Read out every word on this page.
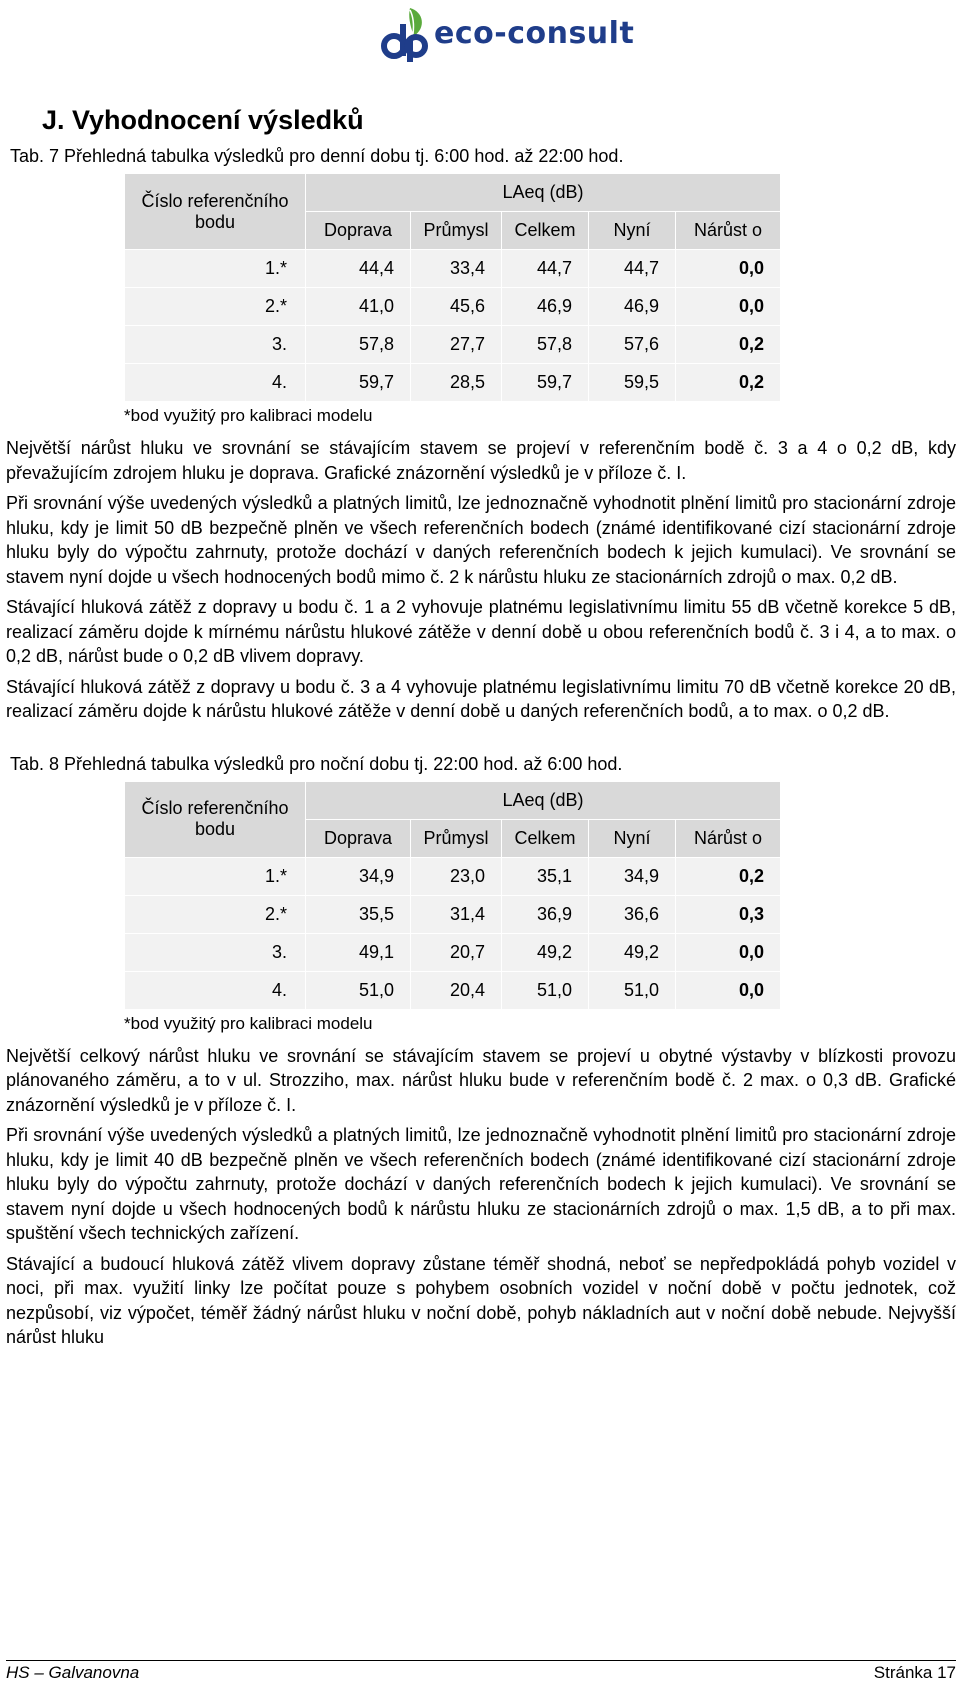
eco-consult
J. Vyhodnocení výsledků
Tab. 7 Přehledná tabulka výsledků pro denní dobu tj. 6:00 hod. až 22:00 hod.
Číslo referenčního bodu	LAeq (dB)				
	Doprava	Průmysl	Celkem	Nyní	Nárůst o
1.*	44,4	33,4	44,7	44,7	0,0
2.*	41,0	45,6	46,9	46,9	0,0
3.	57,8	27,7	57,8	57,6	0,2
4.	59,7	28,5	59,7	59,5	0,2
*bod využitý pro kalibraci modelu

Největší nárůst hluku ve srovnání se stávajícím stavem se projeví v referenčním bodě č. 3 a 4 o 0,2 dB, kdy převažujícím zdrojem hluku je doprava. Grafické znázornění výsledků je v příloze č. I.

Při srovnání výše uvedených výsledků a platných limitů, lze jednoznačně vyhodnotit plnění limitů pro stacionární zdroje hluku, kdy je limit 50 dB bezpečně plněn ve všech referenčních bodech (známé identifikované cizí stacionární zdroje hluku byly do výpočtu zahrnuty, protože dochází v daných referenčních bodech k jejich kumulaci). Ve srovnání se stavem nyní dojde u všech hodnocených bodů mimo č. 2 k nárůstu hluku ze stacionárních zdrojů o max. 0,2 dB.

Stávající hluková zátěž z dopravy u bodu č. 1 a 2 vyhovuje platnému legislativnímu limitu 55 dB včetně korekce 5 dB, realizací záměru dojde k mírnému nárůstu hlukové zátěže v denní době u obou referenčních bodů č. 3 i 4, a to max. o 0,2 dB, nárůst bude o 0,2 dB vlivem dopravy.

Stávající hluková zátěž z dopravy u bodu č. 3 a 4 vyhovuje platnému legislativnímu limitu 70 dB včetně korekce 20 dB, realizací záměru dojde k nárůstu hlukové zátěže v denní době u daných referenčních bodů, a to max. o 0,2 dB.

Tab. 8 Přehledná tabulka výsledků pro noční dobu tj. 22:00 hod. až 6:00 hod.
Číslo referenčního bodu	LAeq (dB)				
	Doprava	Průmysl	Celkem	Nyní	Nárůst o
1.*	34,9	23,0	35,1	34,9	0,2
2.*	35,5	31,4	36,9	36,6	0,3
3.	49,1	20,7	49,2	49,2	0,0
4.	51,0	20,4	51,0	51,0	0,0
*bod využitý pro kalibraci modelu

Největší celkový nárůst hluku ve srovnání se stávajícím stavem se projeví u obytné výstavby v blízkosti provozu plánovaného záměru, a to v ul. Strozziho, max. nárůst hluku bude v referenčním bodě č. 2 max. o 0,3 dB. Grafické znázornění výsledků je v příloze č. I.

Při srovnání výše uvedených výsledků a platných limitů, lze jednoznačně vyhodnotit plnění limitů pro stacionární zdroje hluku, kdy je limit 40 dB bezpečně plněn ve všech referenčních bodech (známé identifikované cizí stacionární zdroje hluku byly do výpočtu zahrnuty, protože dochází v daných referenčních bodech k jejich kumulaci). Ve srovnání se stavem nyní dojde u všech hodnocených bodů k nárůstu hluku ze stacionárních zdrojů o max. 1,5 dB, a to při max. spuštění všech technických zařízení.

Stávající a budoucí hluková zátěž vlivem dopravy zůstane téměř shodná, neboť se nepředpokládá pohyb vozidel v noci, při max. využití linky lze počítat pouze s pohybem osobních vozidel v noční době v počtu jednotek, což nezpůsobí, viz výpočet, téměř žádný nárůst hluku v noční době, pohyb nákladních aut v noční době nebude. Nejvyšší nárůst hluku

HS – Galvanovna	Stránka 17
